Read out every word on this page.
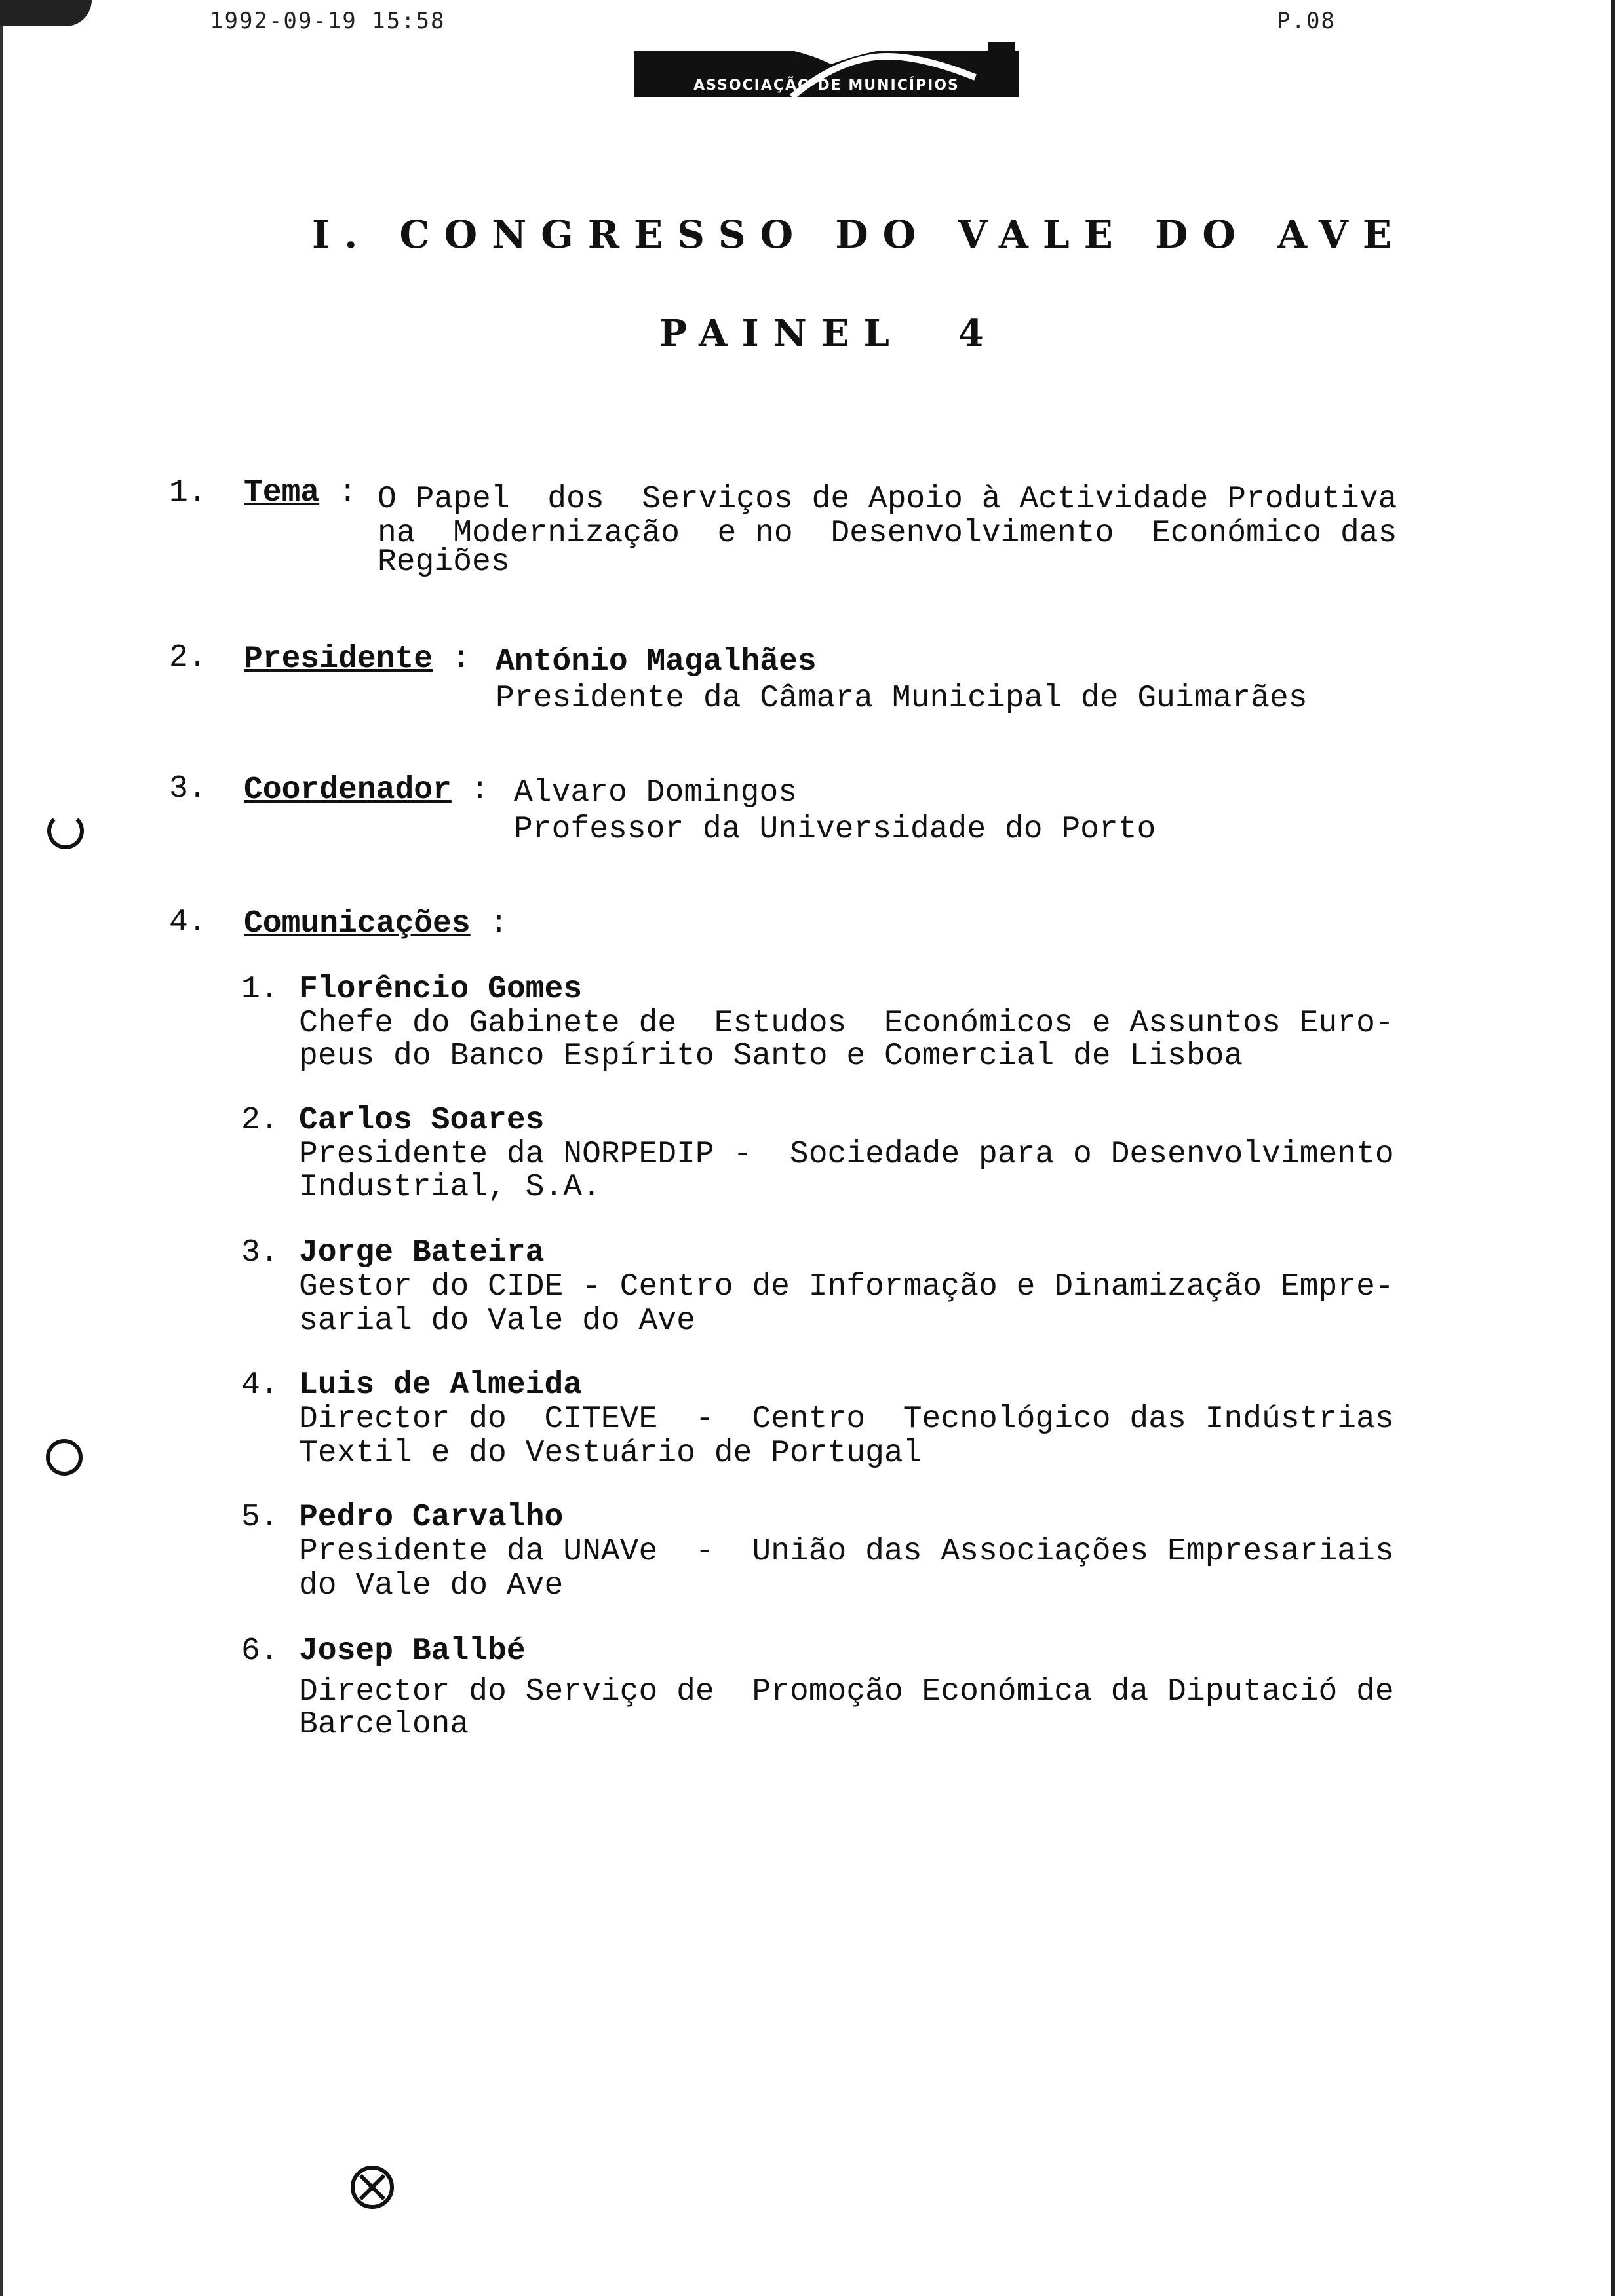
1992-09-19 15:58	P.08
ASSOCIAÇÃO DE MUNICÍPIOS
I. CONGRESSO DO VALE DO AVE
PAINEL  4
1. Tema : O Papel  dos  Serviços de Apoio à Actividade Produtiva
na  Modernização  e no  Desenvolvimento  Económico das
Regiões
2. Presidente : António Magalhães
Presidente da Câmara Municipal de Guimarães
3. Coordenador : Alvaro Domingos
Professor da Universidade do Porto
4. Comunicações :
1. Florêncio Gomes
Chefe do Gabinete de  Estudos  Económicos e Assuntos Euro-
peus do Banco Espírito Santo e Comercial de Lisboa
2. Carlos Soares
Presidente da NORPEDIP -  Sociedade para o Desenvolvimento
Industrial, S.A.
3. Jorge Bateira
Gestor do CIDE - Centro de Informação e Dinamização Empre-
sarial do Vale do Ave
4. Luis de Almeida
Director do  CITEVE  -  Centro  Tecnológico das Indústrias
Textil e do Vestuário de Portugal
5. Pedro Carvalho
Presidente da UNAVe  -  União das Associações Empresariais
do Vale do Ave
6. Josep Ballbé
Director do Serviço de  Promoção Económica da Diputació de
Barcelona
